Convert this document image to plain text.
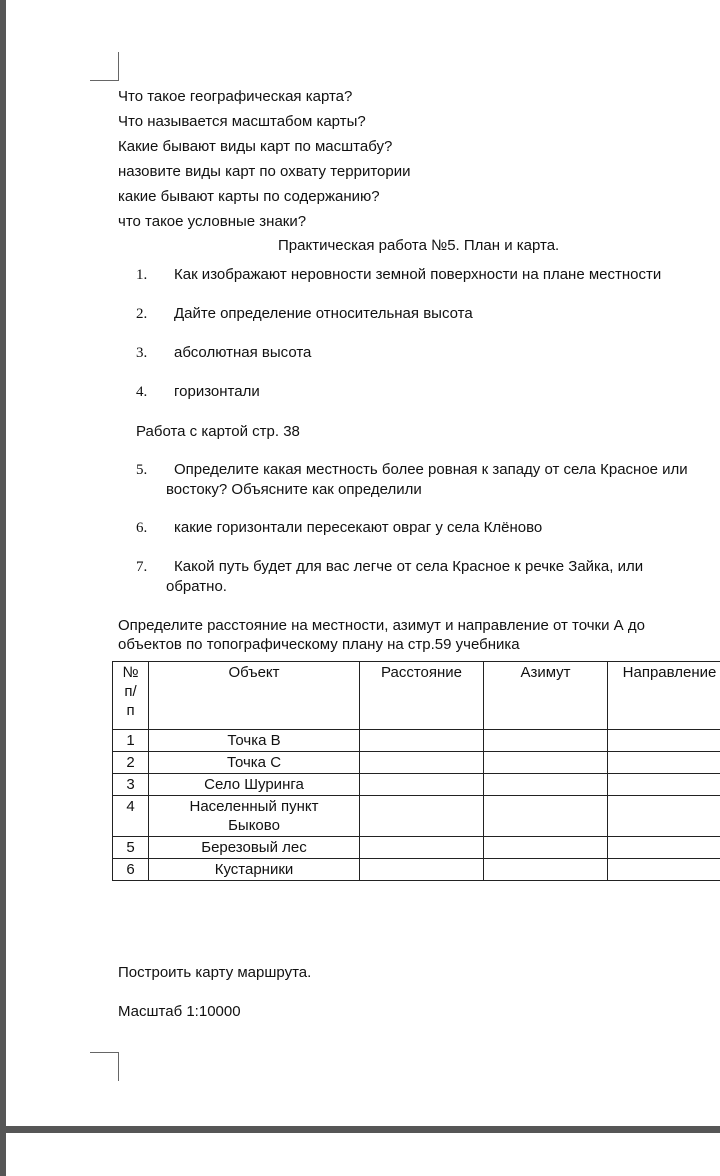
Что такое географическая карта?
Что называется масштабом карты?
Какие бывают виды карт по масштабу?
назовите виды карт по охвату территории
какие бывают карты по содержанию?
что такое условные знаки?
Практическая работа №5. План и карта.
1. Как изображают неровности земной поверхности на плане местности
2. Дайте определение относительная высота
3. абсолютная высота
4. горизонтали
Работа с картой стр. 38
5. Определите какая местность более ровная к западу от села Красное или
востоку? Объясните как определили
6. какие горизонтали пересекают овраг у села Клёново
7. Какой путь будет для вас легче от села Красное к речке Зайка, или
обратно.
Определите расстояние на местности, азимут и направление от точки А до
объектов по топографическому плану на стр.59 учебника
№
п/
п	Объект	Расстояние	Азимут	Направление
1	Точка В			
2	Точка С			
3	Село Шуринга			
4	Населенный пункт
Быково			
5	Березовый лес			
6	Кустарники			
Построить карту маршрута.
Масштаб 1:10000
